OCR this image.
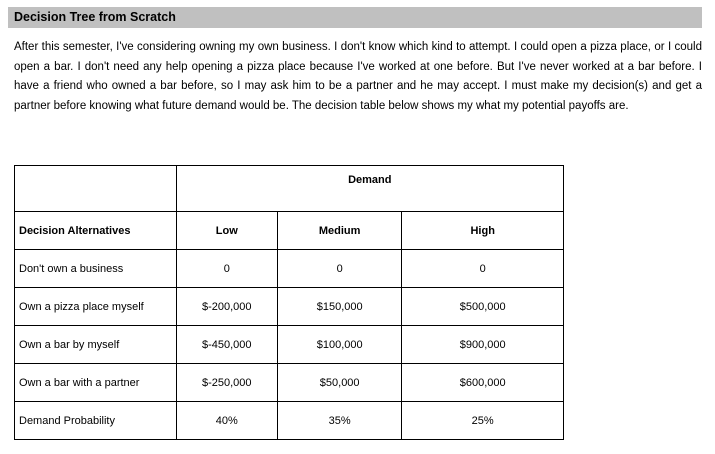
Decision Tree from Scratch

After this semester, I've considering owning my own business. I don't know which kind to attempt. I could open a pizza place, or I could open a bar. I don't need any help opening a pizza place because I've worked at one before. But I've never worked at a bar before. I have a friend who owned a bar before, so I may ask him to be a partner and he may accept. I must make my decision(s) and get a partner before knowing what future demand would be. The decision table below shows my what my potential payoffs are.

	Demand		
Decision Alternatives	Low	Medium	High
Don't own a business	0	0	0
Own a pizza place myself	$-200,000	$150,000	$500,000
Own a bar by myself	$-450,000	$100,000	$900,000
Own a bar with a partner	$-250,000	$50,000	$600,000
Demand Probability	40%	35%	25%
